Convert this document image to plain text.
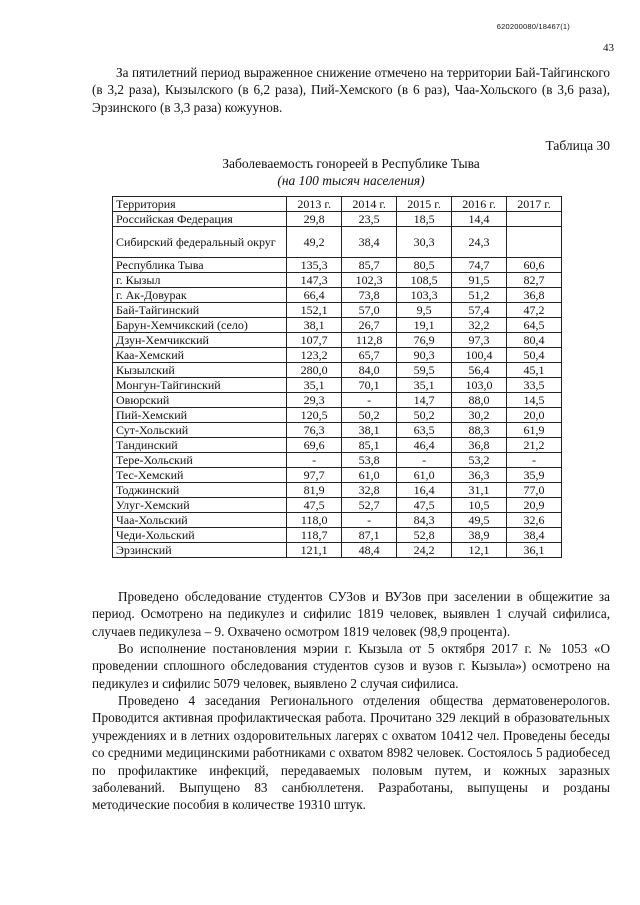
620200080/18467(1)
43

За пятилетний период выраженное снижение отмечено на территории Бай-Тайгинского (в 3,2 раза), Кызылского (в 6,2 раза), Пий-Хемского (в 6 раз), Чаа-Хольского (в 3,6 раза), Эрзинского (в 3,3 раза) кожуунов.

Таблица 30
Заболеваемость гонореей в Республике Тыва
(на 100 тысяч населения)
Территория	2013 г.	2014 г.	2015 г.	2016 г.	2017 г.
Российская Федерация	29,8	23,5	18,5	14,4	
Сибирский федеральный округ	49,2	38,4	30,3	24,3	
Республика Тыва	135,3	85,7	80,5	74,7	60,6
г. Кызыл	147,3	102,3	108,5	91,5	82,7
г. Ак-Довурак	66,4	73,8	103,3	51,2	36,8
Бай-Тайгинский	152,1	57,0	9,5	57,4	47,2
Барун-Хемчикский (село)	38,1	26,7	19,1	32,2	64,5
Дзун-Хемчикский	107,7	112,8	76,9	97,3	80,4
Каа-Хемский	123,2	65,7	90,3	100,4	50,4
Кызылский	280,0	84,0	59,5	56,4	45,1
Монгун-Тайгинский	35,1	70,1	35,1	103,0	33,5
Овюрский	29,3	-	14,7	88,0	14,5
Пий-Хемский	120,5	50,2	50,2	30,2	20,0
Сут-Хольский	76,3	38,1	63,5	88,3	61,9
Тандинский	69,6	85,1	46,4	36,8	21,2
Тере-Хольский	-	53,8	-	53,2	-
Тес-Хемский	97,7	61,0	61,0	36,3	35,9
Тоджинский	81,9	32,8	16,4	31,1	77,0
Улуг-Хемский	47,5	52,7	47,5	10,5	20,9
Чаа-Хольский	118,0	-	84,3	49,5	32,6
Чеди-Хольский	118,7	87,1	52,8	38,9	38,4
Эрзинский	121,1	48,4	24,2	12,1	36,1

Проведено обследование студентов СУЗов и ВУЗов при заселении в общежитие за период. Осмотрено на педикулез и сифилис 1819 человек, выявлен 1 случай сифилиса, случаев педикулеза – 9. Охвачено осмотром 1819 человек (98,9 процента).

Во исполнение постановления мэрии г. Кызыла от 5 октября 2017 г. № 1053 «О проведении сплошного обследования студентов сузов и вузов г. Кызыла») осмотрено на педикулез и сифилис 5079 человек, выявлено 2 случая сифилиса.

Проведено 4 заседания Регионального отделения общества дерматовенерологов. Проводится активная профилактическая работа. Прочитано 329 лекций в образовательных учреждениях и в летних оздоровительных лагерях с охватом 10412 чел. Проведены беседы со средними медицинскими работниками с охватом 8982 человек. Состоялось 5 радиобесед по профилактике инфекций, передаваемых половым путем, и кожных заразных заболеваний. Выпущено 83 санбюллетеня. Разработаны, выпущены и розданы методические пособия в количестве 19310 штук.
